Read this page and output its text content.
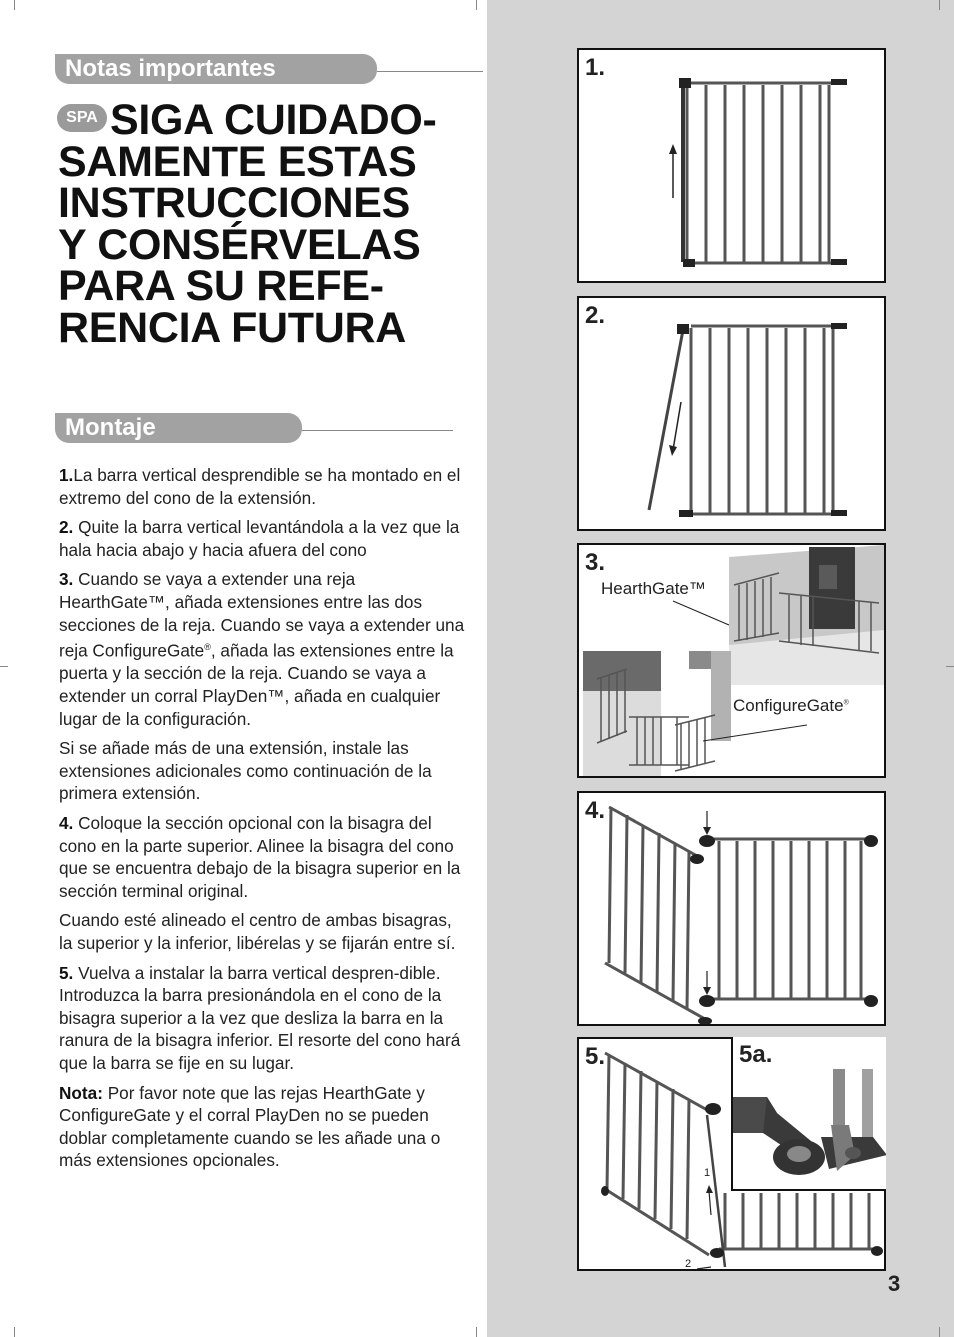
Notas importantes
SPA SIGA CUIDADO-
SAMENTE ESTAS
INSTRUCCIONES
Y CONSÉRVELAS
PARA SU REFE-
RENCIA FUTURA
Montaje

1.La barra vertical desprendible se ha montado en el extremo del cono de la extensión.

2. Quite la barra vertical levantándola a la vez que la hala hacia abajo y hacia afuera del cono

3. Cuando se vaya a extender una reja HearthGate™, añada extensiones entre las dos secciones de la reja. Cuando se vaya a extender una reja ConfigureGate®, añada las extensiones entre la puerta y la sección de la reja. Cuando se vaya a extender un corral PlayDen™, añada en cualquier lugar de la configuración.

Si se añade más de una extensión, instale las extensiones adicionales como continuación de la primera extensión.

4. Coloque la sección opcional con la bisagra del cono en la parte superior. Alinee la bisagra del cono que se encuentra debajo de la bisagra superior en la sección terminal original.

Cuando esté alineado el centro de ambas bisagras, la superior y la inferior, libérelas y se fijarán entre sí.

5. Vuelva a instalar la barra vertical despren-dible. Introduzca la barra presionándola en el cono de la bisagra superior a la vez que desliza la barra en la ranura de la bisagra inferior. El resorte del cono hará que la barra se fije en su lugar.

Nota: Por favor note que las rejas HearthGate y ConfigureGate y el corral PlayDen no se pueden doblar completamente cuando se les añade una o más extensiones opcionales.

1.
2.
3.
HearthGate™
ConfigureGate®
4.
5.
1
2
5a.
3
